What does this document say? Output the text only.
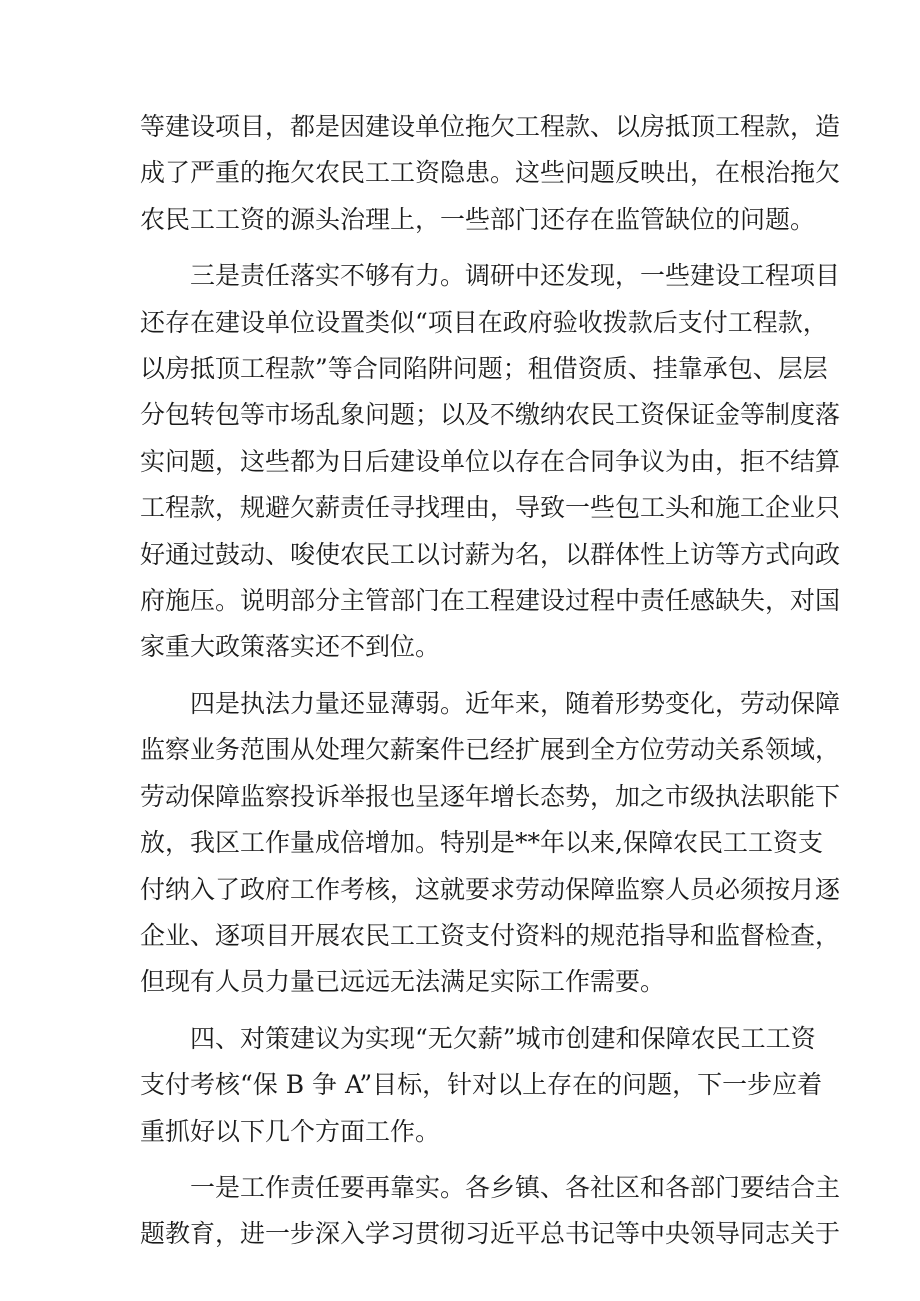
等建设项目，都是因建设单位拖欠工程款、以房抵顶工程款，造
成了严重的拖欠农民工工资隐患。这些问题反映出，在根治拖欠
农民工工资的源头治理上，一些部门还存在监管缺位的问题。

三是责任落实不够有力。调研中还发现，一些建设工程项目
还存在建设单位设置类似“项目在政府验收拨款后支付工程款，
以房抵顶工程款”等合同陷阱问题；租借资质、挂靠承包、层层
分包转包等市场乱象问题；以及不缴纳农民工资保证金等制度落
实问题，这些都为日后建设单位以存在合同争议为由，拒不结算
工程款，规避欠薪责任寻找理由，导致一些包工头和施工企业只
好通过鼓动、唆使农民工以讨薪为名，以群体性上访等方式向政
府施压。说明部分主管部门在工程建设过程中责任感缺失，对国
家重大政策落实还不到位。

四是执法力量还显薄弱。近年来，随着形势变化，劳动保障
监察业务范围从处理欠薪案件已经扩展到全方位劳动关系领域，
劳动保障监察投诉举报也呈逐年增长态势，加之市级执法职能下
放，我区工作量成倍增加。特别是**年以来,保障农民工工资支
付纳入了政府工作考核，这就要求劳动保障监察人员必须按月逐
企业、逐项目开展农民工工资支付资料的规范指导和监督检查，
但现有人员力量已远远无法满足实际工作需要。

四、对策建议为实现“无欠薪”城市创建和保障农民工工资
支付考核“保 B 争 A”目标，针对以上存在的问题，下一步应着
重抓好以下几个方面工作。

一是工作责任要再靠实。各乡镇、各社区和各部门要结合主
题教育，进一步深入学习贯彻习近平总书记等中央领导同志关于
